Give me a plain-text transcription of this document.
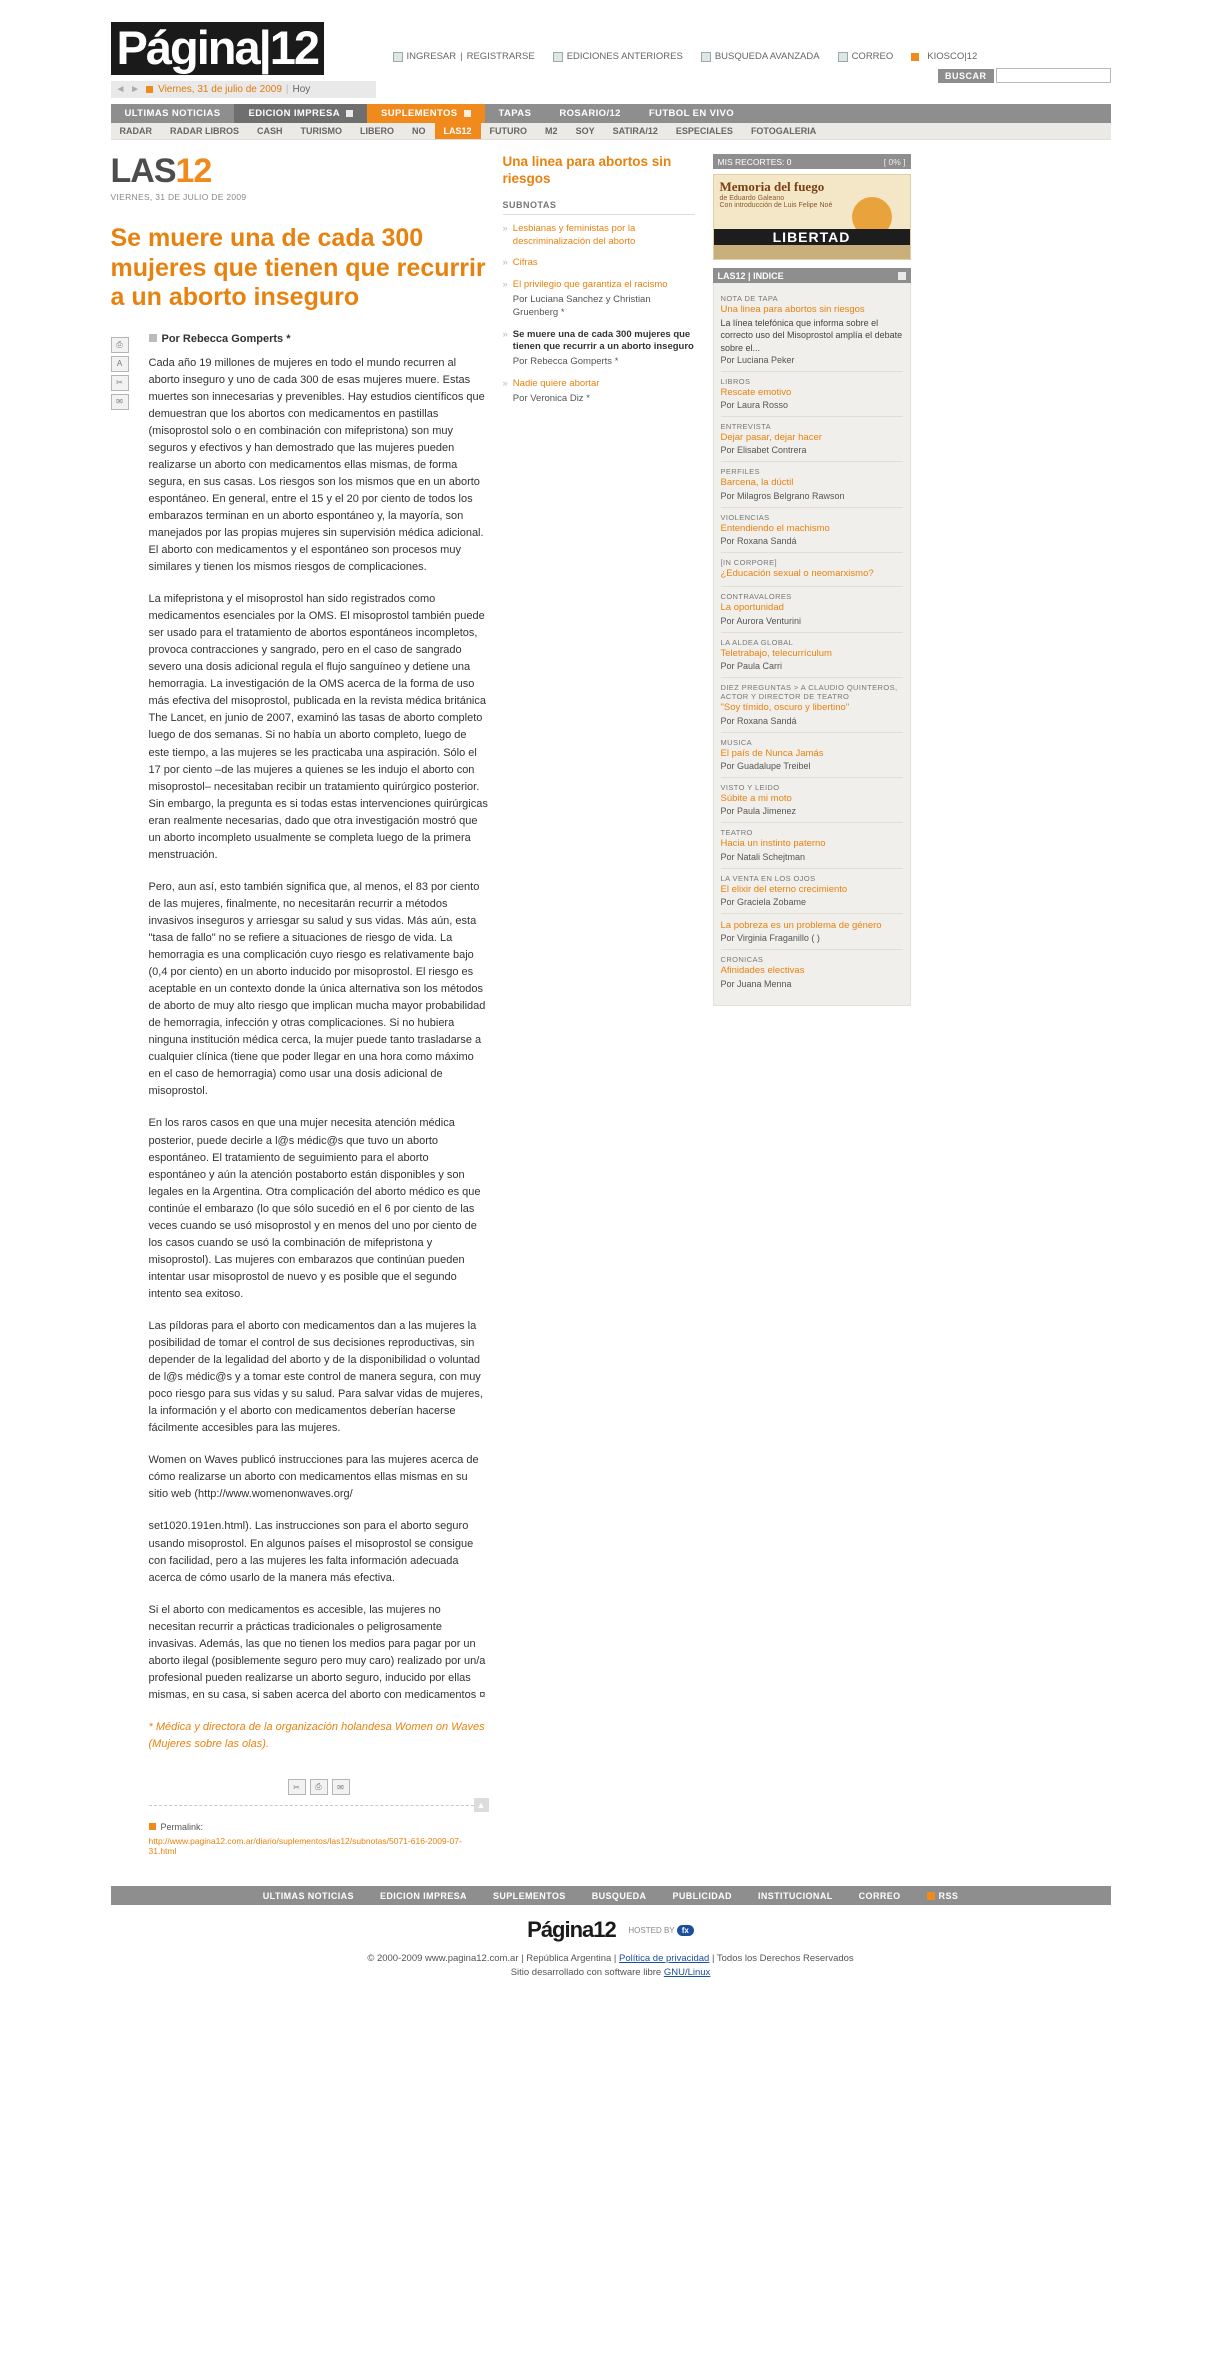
Página|12
◄ ►	Viernes, 31 de julio de 2009 | Hoy
INGRESAR | REGISTRARSE	EDICIONES ANTERIORES	BUSQUEDA AVANZADA	CORREO	KIOSCO|12
BUSCAR
ULTIMAS NOTICIAS	EDICION IMPRESA	SUPLEMENTOS	TAPAS	ROSARIO/12	FUTBOL EN VIVO
RADAR RADAR LIBROS CASH TURISMO LIBERO NO LAS12 FUTURO M2 SOY SATIRA/12 ESPECIALES FOTOGALERIA
LAS12
VIERNES, 31 DE JULIO DE 2009
Se muere una de cada 300 mujeres que tienen que recurrir a un aborto inseguro
⎙
A
✂
✉
Por Rebecca Gomperts *

Cada año 19 millones de mujeres en todo el mundo recurren al aborto inseguro y uno de cada 300 de esas mujeres muere. Estas muertes son innecesarias y prevenibles. Hay estudios científicos que demuestran que los abortos con medicamentos en pastillas (misoprostol solo o en combinación con mifepristona) son muy seguros y efectivos y han demostrado que las mujeres pueden realizarse un aborto con medicamentos ellas mismas, de forma segura, en sus casas. Los riesgos son los mismos que en un aborto espontáneo. En general, entre el 15 y el 20 por ciento de todos los embarazos terminan en un aborto espontáneo y, la mayoría, son manejados por las propias mujeres sin supervisión médica adicional. El aborto con medicamentos y el espontáneo son procesos muy similares y tienen los mismos riesgos de complicaciones.

La mifepristona y el misoprostol han sido registrados como medicamentos esenciales por la OMS. El misoprostol también puede ser usado para el tratamiento de abortos espontáneos incompletos, provoca contracciones y sangrado, pero en el caso de sangrado severo una dosis adicional regula el flujo sanguíneo y detiene una hemorragia. La investigación de la OMS acerca de la forma de uso más efectiva del misoprostol, publicada en la revista médica británica The Lancet, en junio de 2007, examinó las tasas de aborto completo luego de dos semanas. Si no había un aborto completo, luego de este tiempo, a las mujeres se les practicaba una aspiración. Sólo el 17 por ciento –de las mujeres a quienes se les indujo el aborto con misoprostol– necesitaban recibir un tratamiento quirúrgico posterior. Sin embargo, la pregunta es si todas estas intervenciones quirúrgicas eran realmente necesarias, dado que otra investigación mostró que un aborto incompleto usualmente se completa luego de la primera menstruación.

Pero, aun así, esto también significa que, al menos, el 83 por ciento de las mujeres, finalmente, no necesitarán recurrir a métodos invasivos inseguros y arriesgar su salud y sus vidas. Más aún, esta "tasa de fallo" no se refiere a situaciones de riesgo de vida. La hemorragia es una complicación cuyo riesgo es relativamente bajo (0,4 por ciento) en un aborto inducido por misoprostol. El riesgo es aceptable en un contexto donde la única alternativa son los métodos de aborto de muy alto riesgo que implican mucha mayor probabilidad de hemorragia, infección y otras complicaciones. Si no hubiera ninguna institución médica cerca, la mujer puede tanto trasladarse a cualquier clínica (tiene que poder llegar en una hora como máximo en el caso de hemorragia) como usar una dosis adicional de misoprostol.

En los raros casos en que una mujer necesita atención médica posterior, puede decirle a l@s médic@s que tuvo un aborto espontáneo. El tratamiento de seguimiento para el aborto espontáneo y aún la atención postaborto están disponibles y son legales en la Argentina. Otra complicación del aborto médico es que continúe el embarazo (lo que sólo sucedió en el 6 por ciento de las veces cuando se usó misoprostol y en menos del uno por ciento de los casos cuando se usó la combinación de mifepristona y misoprostol). Las mujeres con embarazos que continúan pueden intentar usar misoprostol de nuevo y es posible que el segundo intento sea exitoso.

Las píldoras para el aborto con medicamentos dan a las mujeres la posibilidad de tomar el control de sus decisiones reproductivas, sin depender de la legalidad del aborto y de la disponibilidad o voluntad de l@s médic@s y a tomar este control de manera segura, con muy poco riesgo para sus vidas y su salud. Para salvar vidas de mujeres, la información y el aborto con medicamentos deberían hacerse fácilmente accesibles para las mujeres.

Women on Waves publicó instrucciones para las mujeres acerca de cómo realizarse un aborto con medicamentos ellas mismas en su sitio web (http://www.womenonwaves.org/

set1020.191en.html). Las instrucciones son para el aborto seguro usando misoprostol. En algunos países el misoprostol se consigue con facilidad, pero a las mujeres les falta información adecuada acerca de cómo usarlo de la manera más efectiva.

Si el aborto con medicamentos es accesible, las mujeres no necesitan recurrir a prácticas tradicionales o peligrosamente invasivas. Además, las que no tienen los medios para pagar por un aborto ilegal (posiblemente seguro pero muy caro) realizado por un/a profesional pueden realizarse un aborto seguro, inducido por ellas mismas, en su casa, si saben acerca del aborto con medicamentos ¤

* Médica y directora de la organización holandesa Women on Waves (Mujeres sobre las olas).

✂ ⎙ ✉
▲
Permalink:
http://www.pagina12.com.ar/diario/suplementos/las12/subnotas/5071-616-2009-07-31.html
Una linea para abortos sin riesgos
SUBNOTAS
» Lesbianas y feministas por la descriminalización del aborto
» Cifras
» El privilegio que garantiza el racismo
Por Luciana Sanchez y Christian Gruenberg *
» Se muere una de cada 300 mujeres que tienen que recurrir a un aborto inseguro
Por Rebecca Gomperts *
» Nadie quiere abortar
Por Veronica Diz *
MIS RECORTES: 0	[ 0% ]
Memoria del fuego
de Eduardo Galeano
Con introducción de Luis Felipe Noé
LIBERTAD
LAS12 | INDICE
NOTA DE TAPA
Una linea para abortos sin riesgos
La línea telefónica que informa sobre el correcto uso del Misoprostol amplía el debate sobre el...
Por Luciana Peker
LIBROS
Rescate emotivo
Por Laura Rosso
ENTREVISTA
Dejar pasar, dejar hacer
Por Elisabet Contrera
PERFILES
Barcena, la dúctil
Por Milagros Belgrano Rawson
VIOLENCIAS
Entendiendo el machismo
Por Roxana Sandá
[IN CORPORE]
¿Educación sexual o neomarxismo?
CONTRAVALORES
La oportunidad
Por Aurora Venturini
LA ALDEA GLOBAL
Teletrabajo, telecurrículum
Por Paula Carri
DIEZ PREGUNTAS > A CLAUDIO QUINTEROS, ACTOR Y DIRECTOR DE TEATRO
"Soy tímido, oscuro y libertino"
Por Roxana Sandá
MUSICA
El país de Nunca Jamás
Por Guadalupe Treibel
VISTO Y LEIDO
Súbite a mi moto
Por Paula Jimenez
TEATRO
Hacia un instinto paterno
Por Natali Schejtman
LA VENTA EN LOS OJOS
El elixir del eterno crecimiento
Por Graciela Zobame
La pobreza es un problema de género
Por Virginia Fraganillo ( )
CRONICAS
Afinidades electivas
Por Juana Menna
ULTIMAS NOTICIAS	EDICION IMPRESA	SUPLEMENTOS	BUSQUEDA	PUBLICIDAD	INSTITUCIONAL	CORREO	RSS
Página12 HOSTED BY fx
© 2000-2009 www.pagina12.com.ar | República Argentina | Política de privacidad | Todos los Derechos Reservados
Sitio desarrollado con software libre GNU/Linux
